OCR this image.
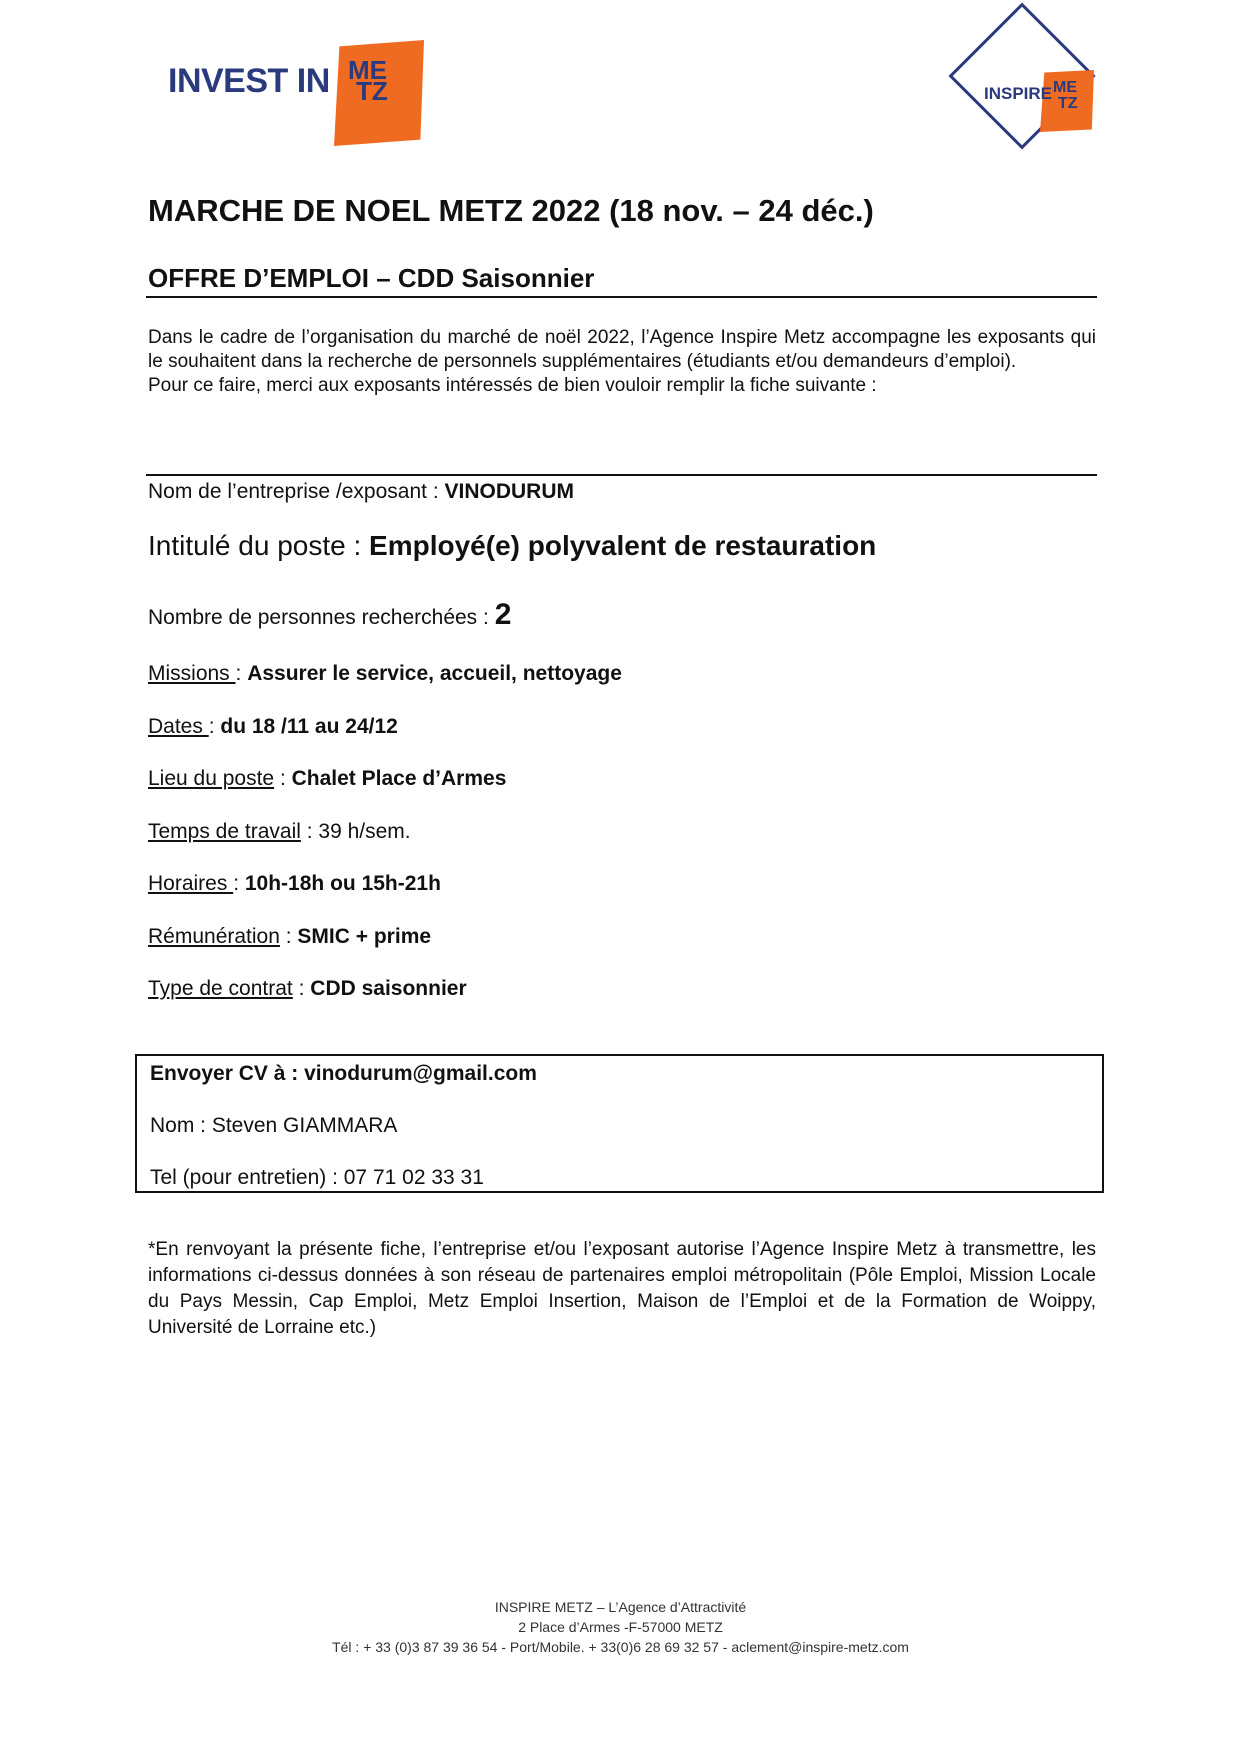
INVEST IN ME
TZ	INSPIRE ME
TZ
MARCHE DE NOEL METZ 2022 (18 nov. – 24 déc.)
OFFRE D’EMPLOI – CDD Saisonnier

Dans le cadre de l’organisation du marché de noël 2022, l’Agence Inspire Metz accompagne les exposants qui le souhaitent dans la recherche de personnels supplémentaires (étudiants et/ou demandeurs d’emploi).

Pour ce faire, merci aux exposants intéressés de bien vouloir remplir la fiche suivante :

Nom de l’entreprise /exposant : VINODURUM
Intitulé du poste : Employé(e) polyvalent de restauration
Nombre de personnes recherchées : 2
Missions : Assurer le service, accueil, nettoyage
Dates : du 18 /11 au 24/12
Lieu du poste : Chalet Place d’Armes
Temps de travail : 39 h/sem.
Horaires : 10h-18h ou 15h-21h
Rémunération : SMIC + prime
Type de contrat : CDD saisonnier
Envoyer CV à : vinodurum@gmail.com
Nom : Steven GIAMMARA
Tel (pour entretien) : 07 71 02 33 31
*En renvoyant la présente fiche, l’entreprise et/ou l’exposant autorise l’Agence Inspire Metz à transmettre, les informations ci-dessus données à son réseau de partenaires emploi métropolitain (Pôle Emploi, Mission Locale du Pays Messin, Cap Emploi, Metz Emploi Insertion, Maison de l’Emploi et de la Formation de Woippy, Université de Lorraine etc.)
INSPIRE METZ – L’Agence d’Attractivité
2 Place d’Armes -F-57000 METZ
Tél : + 33 (0)3 87 39 36 54 - Port/Mobile. + 33(0)6 28 69 32 57 - aclement@inspire-metz.com
